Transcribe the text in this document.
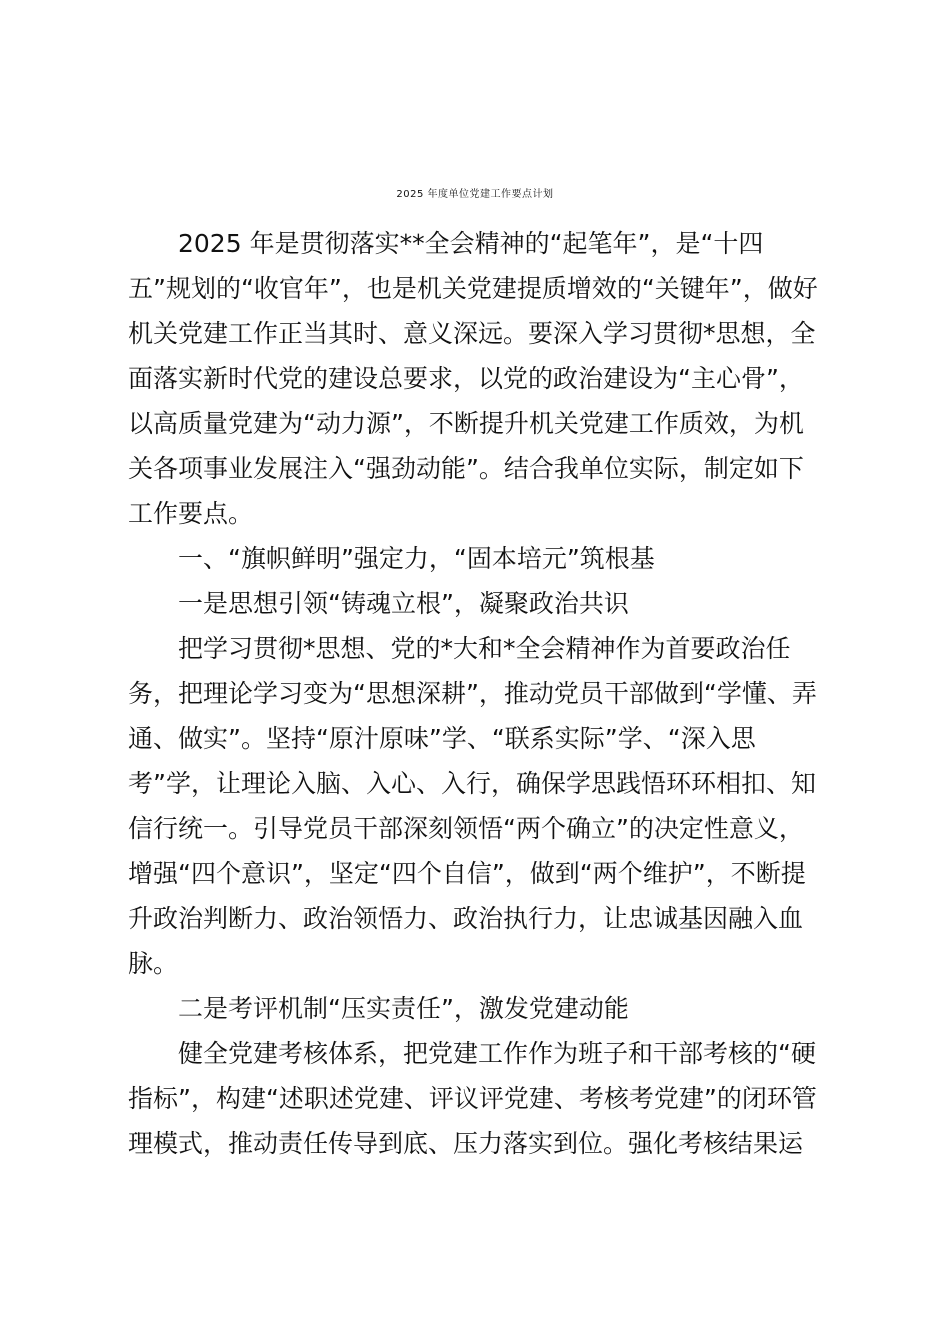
2025 年度单位党建工作要点计划
2025 年是贯彻落实**全会精神的“起笔年”，是“十四
五”规划的“收官年”，也是机关党建提质增效的“关键年”，做好
机关党建工作正当其时、意义深远。要深入学习贯彻*思想，全
面落实新时代党的建设总要求，以党的政治建设为“主心骨”，
以高质量党建为“动力源”，不断提升机关党建工作质效，为机
关各项事业发展注入“强劲动能”。结合我单位实际，制定如下
工作要点。
一、“旗帜鲜明”强定力，“固本培元”筑根基
一是思想引领“铸魂立根”，凝聚政治共识
把学习贯彻*思想、党的*大和*全会精神作为首要政治任
务，把理论学习变为“思想深耕”，推动党员干部做到“学懂、弄
通、做实”。坚持“原汁原味”学、“联系实际”学、“深入思
考”学，让理论入脑、入心、入行，确保学思践悟环环相扣、知
信行统一。引导党员干部深刻领悟“两个确立”的决定性意义，
增强“四个意识”，坚定“四个自信”，做到“两个维护”，不断提
升政治判断力、政治领悟力、政治执行力，让忠诚基因融入血
脉。
二是考评机制“压实责任”，激发党建动能
健全党建考核体系，把党建工作作为班子和干部考核的“硬
指标”，构建“述职述党建、评议评党建、考核考党建”的闭环管
理模式，推动责任传导到底、压力落实到位。强化考核结果运
